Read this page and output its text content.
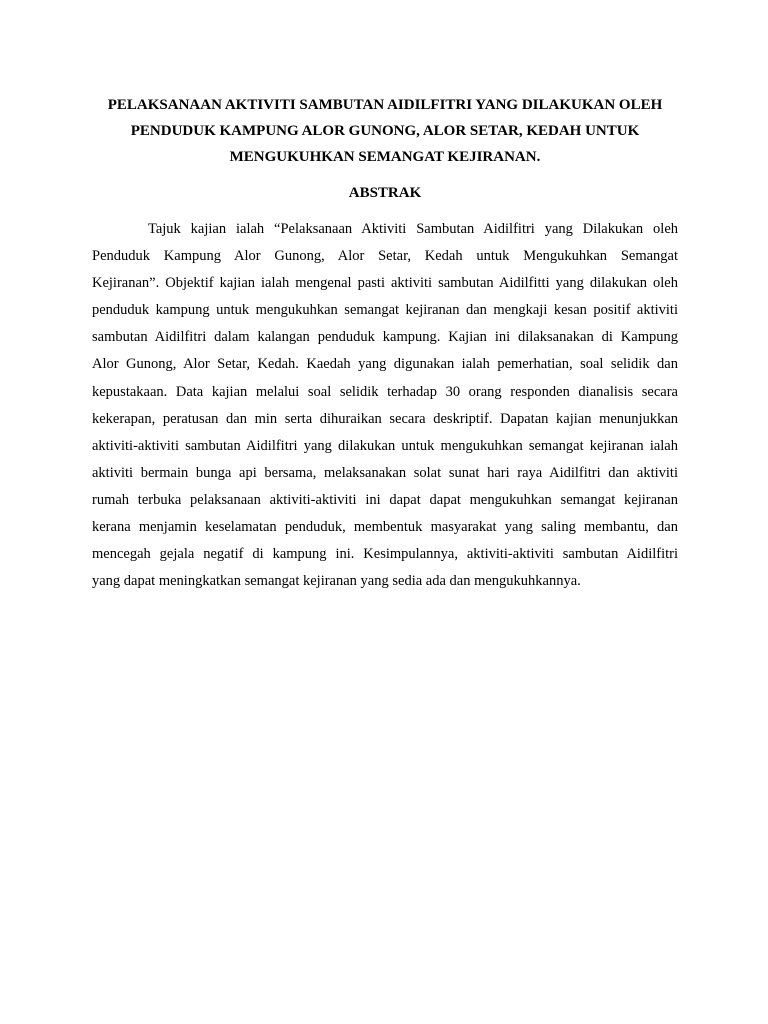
PELAKSANAAN AKTIVITI SAMBUTAN AIDILFITRI YANG DILAKUKAN OLEH
PENDUDUK KAMPUNG ALOR GUNONG, ALOR SETAR, KEDAH UNTUK
MENGUKUHKAN SEMANGAT KEJIRANAN.
ABSTRAK
Tajuk kajian ialah “Pelaksanaan Aktiviti Sambutan Aidilfitri yang Dilakukan oleh
Penduduk Kampung Alor Gunong, Alor Setar, Kedah untuk Mengukuhkan Semangat
Kejiranan”. Objektif kajian ialah mengenal pasti aktiviti sambutan Aidilfitti yang dilakukan oleh
penduduk kampung untuk mengukuhkan semangat kejiranan dan mengkaji kesan positif aktiviti
sambutan Aidilfitri dalam kalangan penduduk kampung. Kajian ini dilaksanakan di Kampung
Alor Gunong, Alor Setar, Kedah. Kaedah yang digunakan ialah pemerhatian, soal selidik dan
kepustakaan. Data kajian melalui soal selidik terhadap 30 orang responden dianalisis secara
kekerapan, peratusan dan min serta dihuraikan secara deskriptif. Dapatan kajian menunjukkan
aktiviti-aktiviti sambutan Aidilfitri yang dilakukan untuk mengukuhkan semangat kejiranan ialah
aktiviti bermain bunga api bersama, melaksanakan solat sunat hari raya Aidilfitri dan aktiviti
rumah terbuka pelaksanaan aktiviti-aktiviti ini dapat dapat mengukuhkan semangat kejiranan
kerana menjamin keselamatan penduduk, membentuk masyarakat yang saling membantu, dan
mencegah gejala negatif di kampung ini. Kesimpulannya, aktiviti-aktiviti sambutan Aidilfitri
yang dapat meningkatkan semangat kejiranan yang sedia ada dan mengukuhkannya.
